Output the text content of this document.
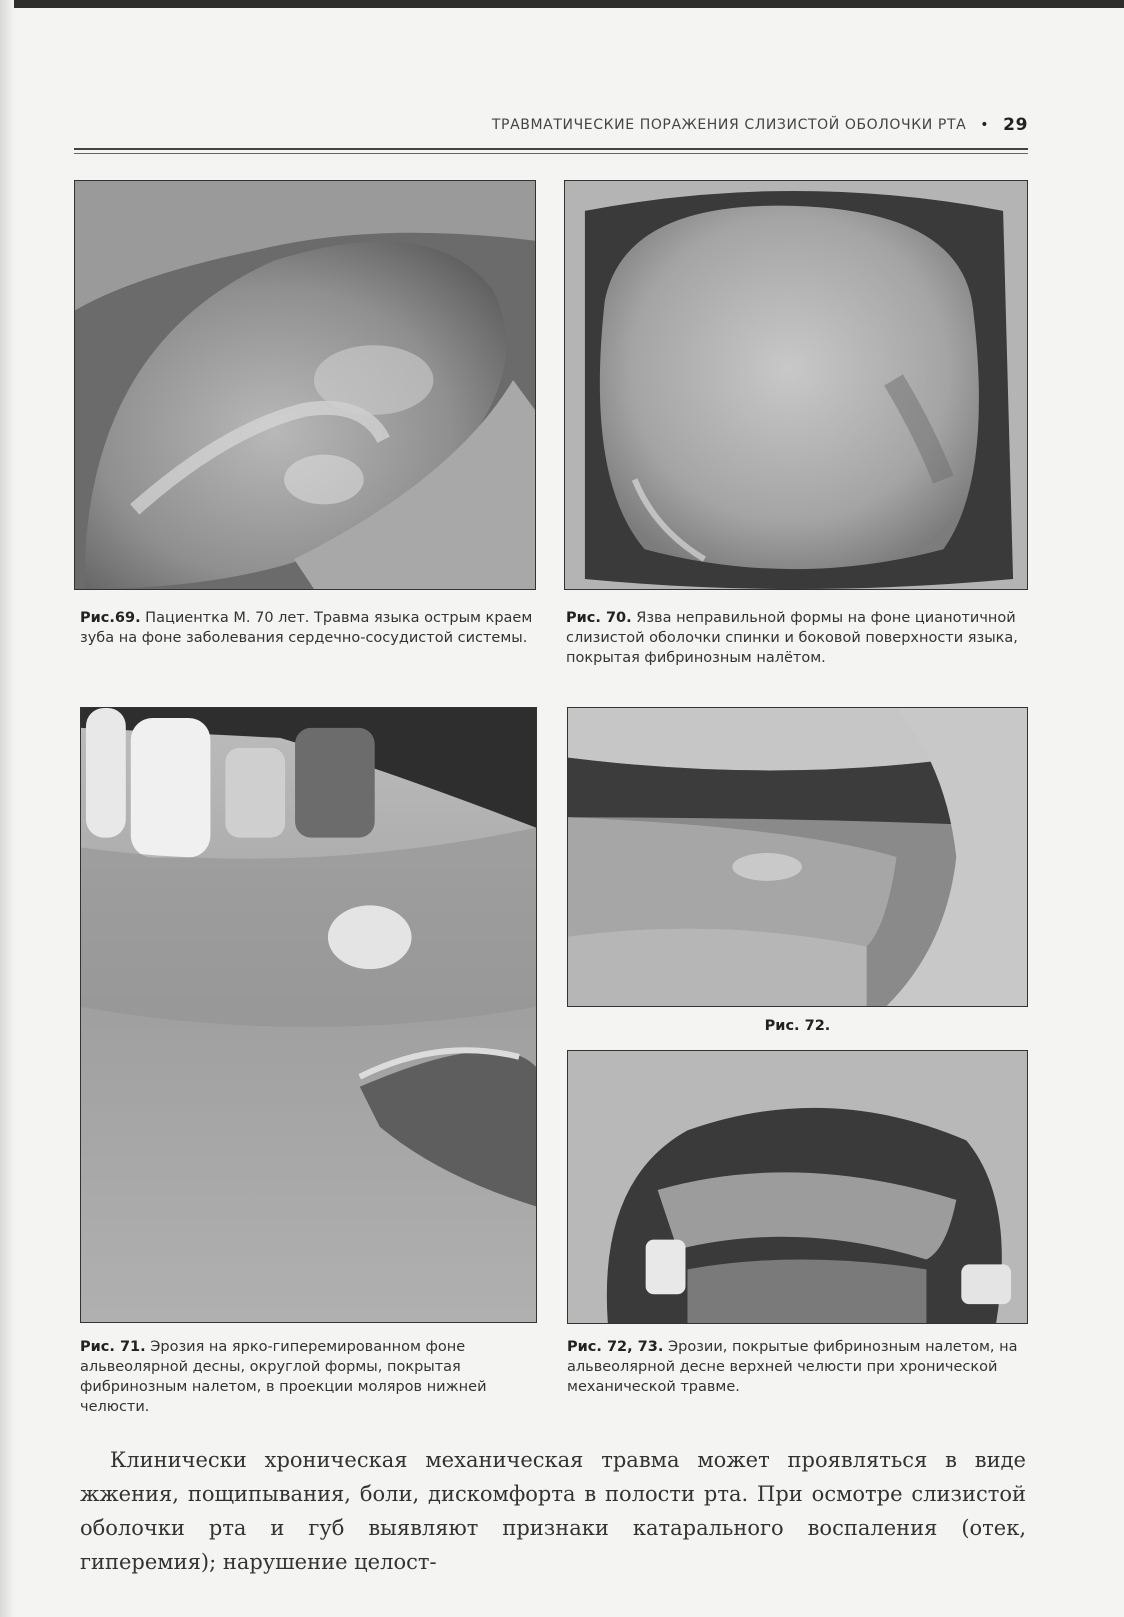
ТРАВМАТИЧЕСКИЕ ПОРАЖЕНИЯ СЛИЗИСТОЙ ОБОЛОЧКИ РТА • 29
Рис.69. Пациентка М. 70 лет. Травма языка острым краем зуба на фоне заболевания сердечно-сосудистой системы.
Рис. 70. Язва неправильной формы на фоне цианотичной слизистой оболочки спинки и боковой поверхности языка, покрытая фибринозным налётом.
Рис. 72.
Рис. 71. Эрозия на ярко-гиперемированном фоне альвеолярной десны, округлой формы, покрытая фибринозным налетом, в проекции моляров нижней челюсти.
Рис. 72, 73. Эрозии, покрытые фибринозным налетом, на альвеолярной десне верхней челюсти при хронической механической травме.

Клинически хроническая механическая травма может проявляться в виде жжения, пощипывания, боли, дискомфорта в полости рта. При осмотре слизистой оболочки рта и губ выявляют признаки катарального воспаления (отек, гиперемия); нарушение целост-
